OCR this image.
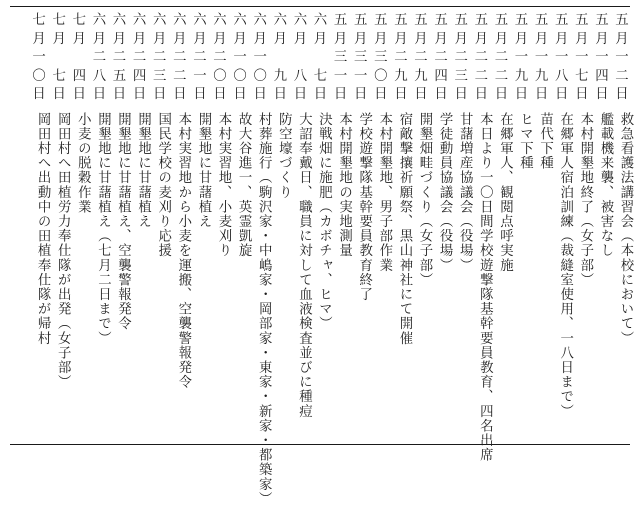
五
月
一
二
日
救急看護法講習会（本校において）
五
月
一
四
日
艦載機来襲、被害なし
五
月
一
七
日
本村開墾地終了（女子部）
五
月
一
八
日
在郷軍人宿泊訓練（裁縫室使用、一八日まで）
五
月
一
九
日
苗代下種
五
月
一
九
日
ヒマ下種
五
月
二
二
日
在郷軍人、観閲点呼実施
五
月
二
二
日
本日より一〇日間学校遊撃隊基幹要員教育、四名出席
五
月
二
三
日
甘藷増産協議会（役場）
五
月
二
四
日
学徒動員協議会（役場）
五
月
二
九
日
開墾畑畦づくり（女子部）
五
月
二
九
日
宿敵撃攘祈願祭、黒山神社にて開催
五
月
三
〇
日
本村開墾地、男子部作業
五
月
三
一
日
学校遊撃隊基幹要員教育終了
五
月
三
一
日
本村開墾地の実地測量
六
月

七
日
決戦畑に施肥（カボチャ、ヒマ）
六
月

八
日
大詔奉戴日、職員に対して血液検査並びに種痘
六
月

九
日
防空壕づくり
六
月
一
〇
日
村葬施行（駒沢家・中嶋家・岡部家・東家・新家・都築家）
六
月
一
〇
日
故大谷進一、英霊凱旋
六
月
二
〇
日
本村実習地、小麦刈り
六
月
二
一
日
開墾地に甘藷植え
六
月
二
二
日
本村実習地から小麦を運搬、空襲警報発令
六
月
二
三
日
国民学校の麦刈り応援
六
月
二
四
日
開墾地に甘藷植え
六
月
二
五
日
開墾地に甘藷植え、空襲警報発令
六
月
二
八
日
開墾地に甘藷植え（七月二日まで）
七
月

四
日
小麦の脱穀作業
七
月

七
日
岡田村へ田植労力奉仕隊が出発（女子部）
七
月
一
〇
日
岡田村へ出動中の田植奉仕隊が帰村
